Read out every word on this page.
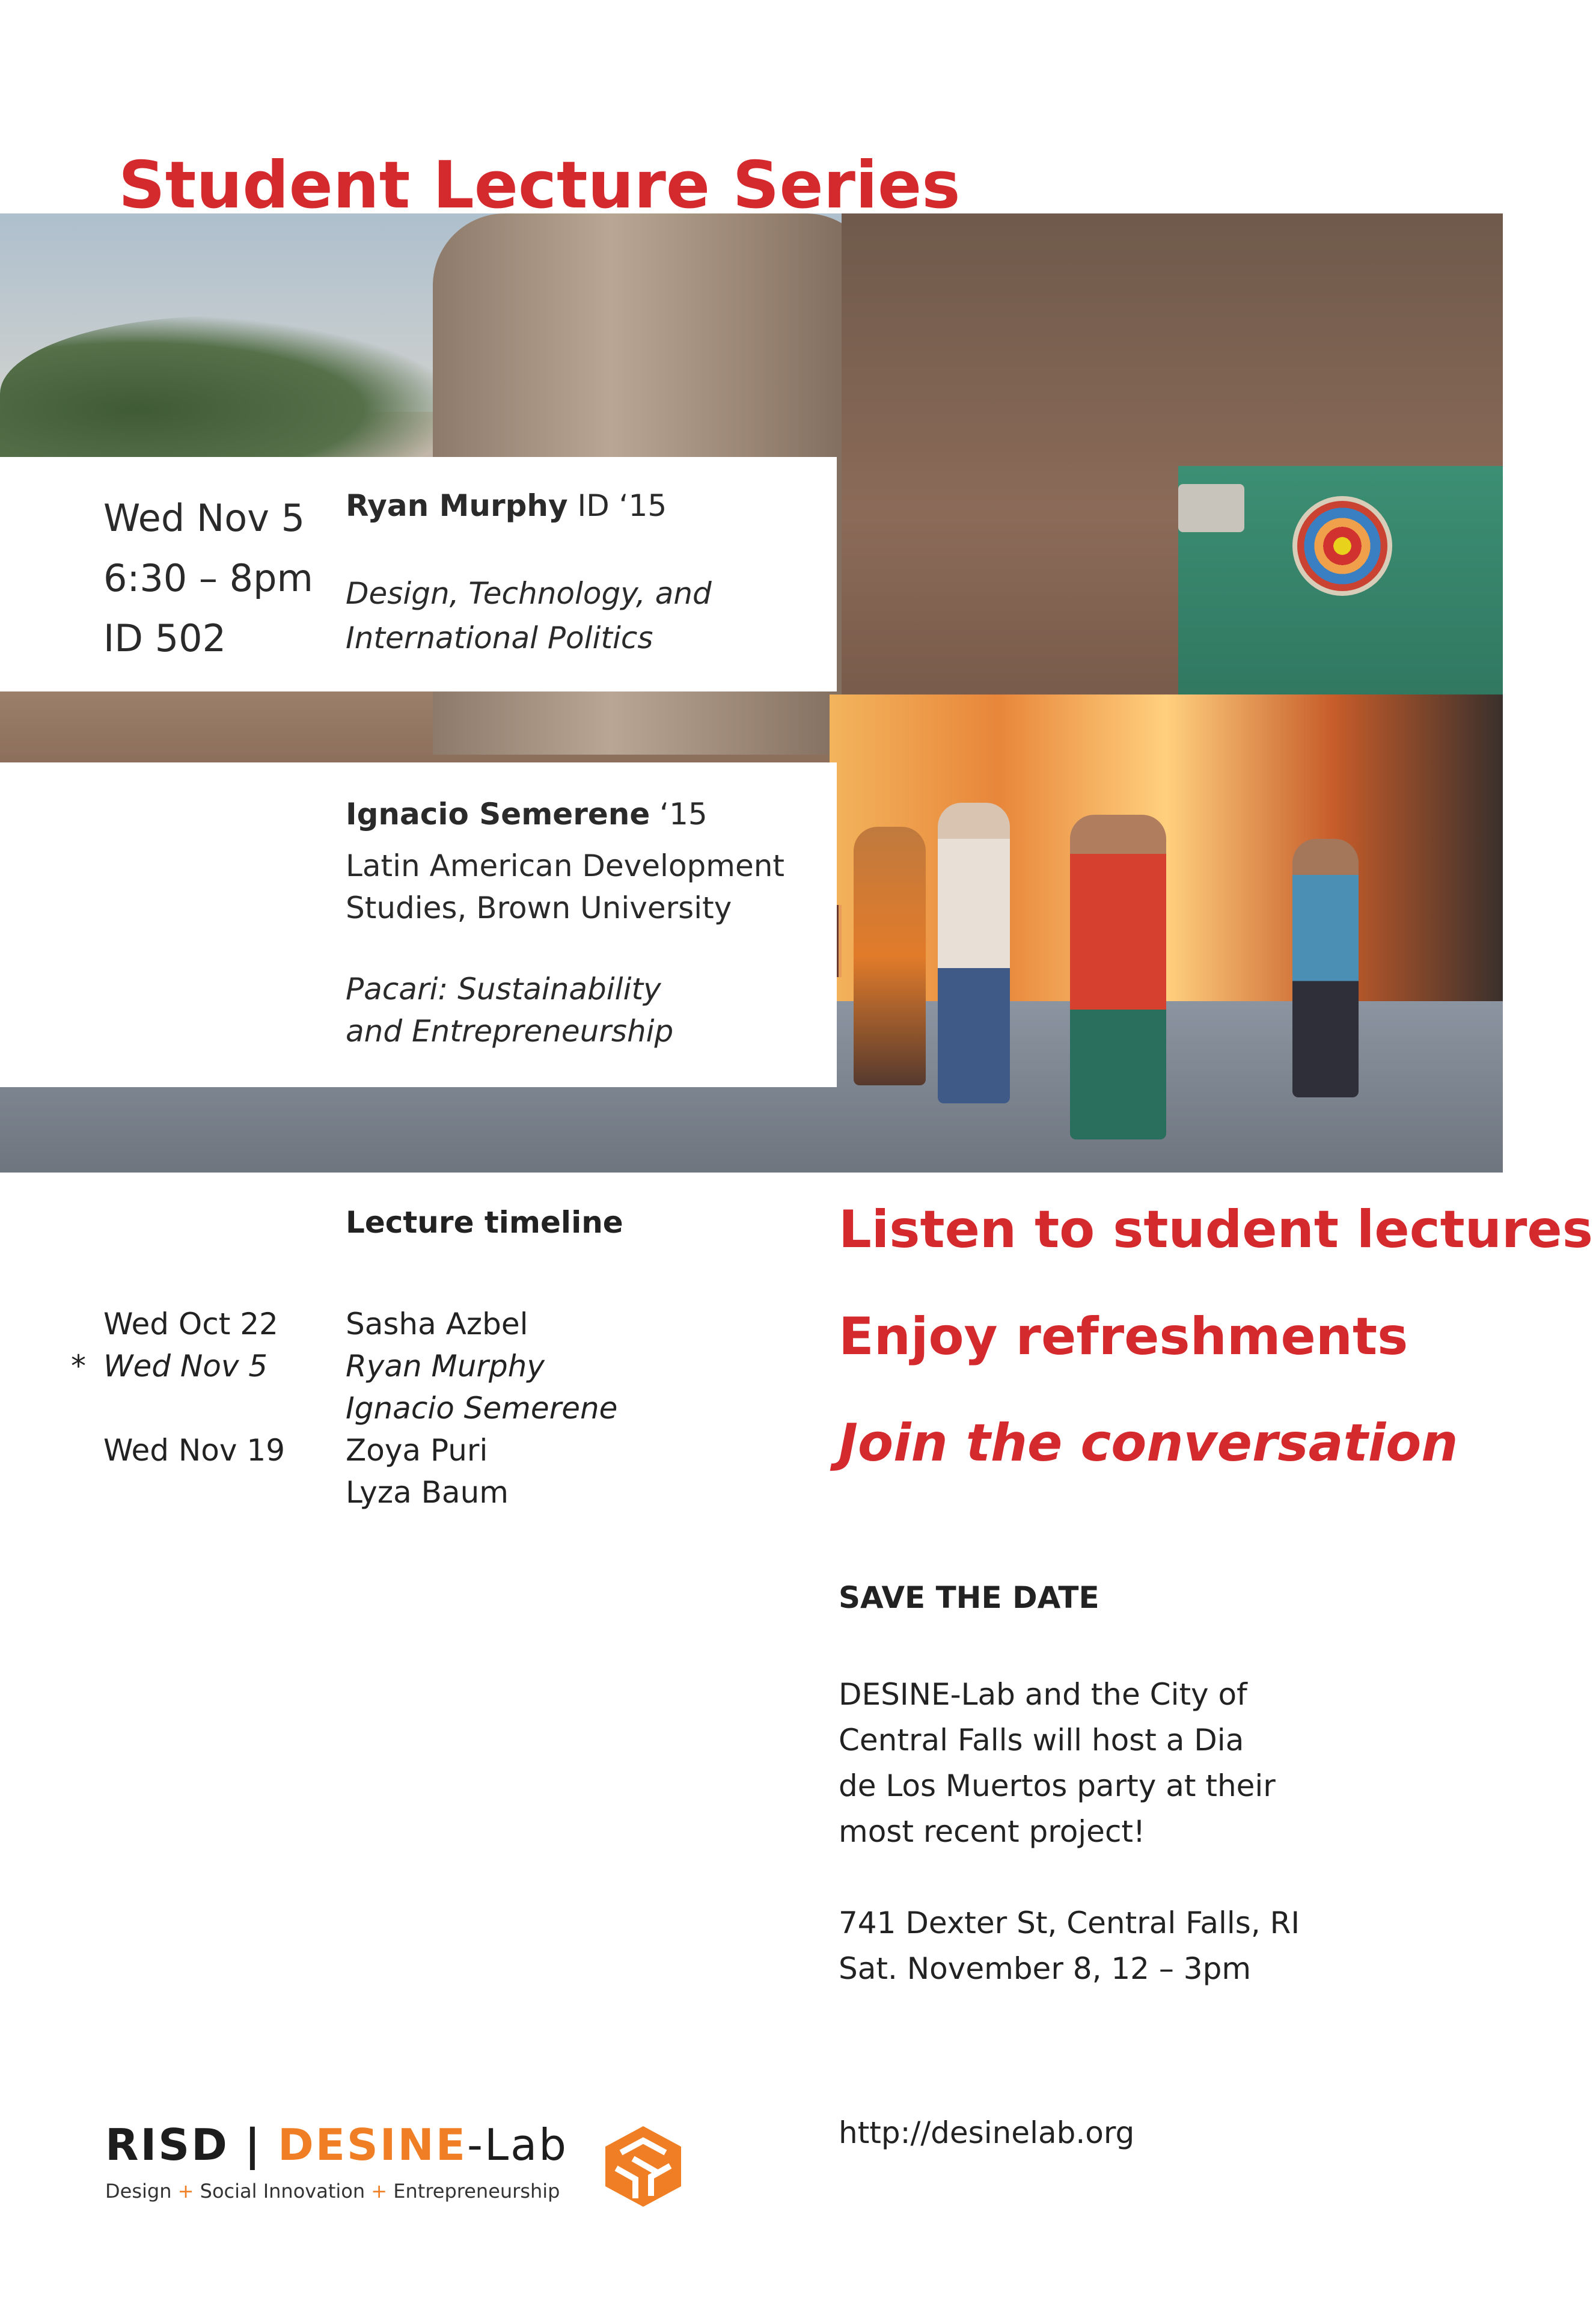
Student Lecture Series
Wed Nov 5
6:30 – 8pm
ID 502
Ryan Murphy ID ‘15
Design, Technology, and
International Politics
Ignacio Semerene ‘15
Latin American Development
Studies, Brown University
Pacari: Sustainability
and Entrepreneurship
Lecture timeline
*
Wed Oct 22
Wed Nov 5
Wed Nov 19
Sasha Azbel
Ryan Murphy
Ignacio Semerene
Zoya Puri
Lyza Baum
Listen to student lectures
Enjoy refreshments
Join the conversation
SAVE THE DATE
DESINE-Lab and the City of
Central Falls will host a Dia
de Los Muertos party at their
most recent project!
741 Dexter St, Central Falls, RI
Sat. November 8, 12 – 3pm
http://desinelab.org
RISD | DESINE-Lab
Design + Social Innovation + Entrepreneurship
